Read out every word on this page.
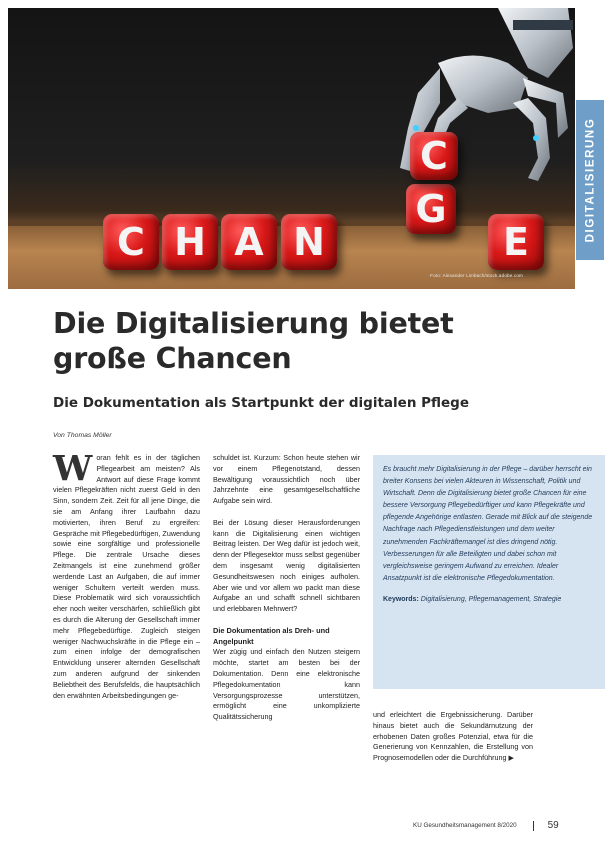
C H A N
G
C
E
Foto: Alexander Limbach/stock.adobe.com
DIGITALISIERUNG
Die Digitalisierung bietet
große Chancen
Die Dokumentation als Startpunkt der digitalen Pflege
Von Thomas Möller

Woran fehlt es in der täglichen Pflegearbeit am meisten? Als Antwort auf diese Frage kommt vielen Pflegekräften nicht zuerst Geld in den Sinn, sondern Zeit. Zeit für all jene Dinge, die sie am Anfang ihrer Laufbahn dazu motivierten, ihren Beruf zu ergreifen: Gespräche mit Pflegebedürftigen, Zuwendung sowie eine sorgfältige und professionelle Pflege. Die zentrale Ursache dieses Zeitmangels ist eine zunehmend größer werdende Last an Aufgaben, die auf immer weniger Schultern verteilt werden muss. Diese Problematik wird sich voraussichtlich eher noch weiter verschärfen, schließlich gibt es durch die Alterung der Gesellschaft immer mehr Pflegebedürftige. Zugleich steigen weniger Nachwuchskräfte in die Pflege ein – zum einen infolge der demografischen Entwicklung unserer alternden Gesellschaft zum anderen aufgrund der sinkenden Beliebtheit des Berufsfelds, die hauptsächlich den erwähnten Arbeitsbedingungen ge-

schuldet ist. Kurzum: Schon heute stehen wir vor einem Pflegenotstand, dessen Bewältigung voraussichtlich noch über Jahrzehnte eine gesamtgesellschaftliche Aufgabe sein wird.

Bei der Lösung dieser Herausforderungen kann die Digitalisierung einen wichtigen Beitrag leisten. Der Weg dafür ist jedoch weit, denn der Pflegesektor muss selbst gegenüber dem insgesamt wenig digitalisierten Gesundheitswesen noch einiges aufholen. Aber wie und vor allem wo packt man diese Aufgabe an und schafft schnell sichtbaren und erlebbaren Mehrwert?

Die Dokumentation als Dreh- und Angelpunkt

Wer zügig und einfach den Nutzen steigern möchte, startet am besten bei der Dokumentation. Denn eine elektronische Pflegedokumentation kann Versorgungsprozesse unterstützen, ermöglicht eine unkomplizierte Qualitätssicherung

Es braucht mehr Digitalisierung in der Pflege – darüber herrscht ein breiter Konsens bei vielen Akteuren in Wissenschaft, Politik und Wirtschaft. Denn die Digitalisierung bietet große Chancen für eine bessere Versorgung Pflegebedürftiger und kann Pflegekräfte und pflegende Angehörige entlasten. Gerade mit Blick auf die steigende Nachfrage nach Pflegedienstleistungen und dem weiter zunehmenden Fachkräftemangel ist dies dringend nötig. Verbesserungen für alle Beteiligten und dabei schon mit vergleichsweise geringem Aufwand zu erreichen. Idealer Ansatzpunkt ist die elektronische Pflegedokumentation.

Keywords: Digitalisierung, Pflegemanagement, Strategie

und erleichtert die Ergebnissicherung. Darüber hinaus bietet auch die Sekundärnutzung der erhobenen Daten großes Potenzial, etwa für die Generierung von Kennzahlen, die Erstellung von Prognosemodellen oder die Durchführung ▶

KU Gesundheitsmanagement 8/2020	59
